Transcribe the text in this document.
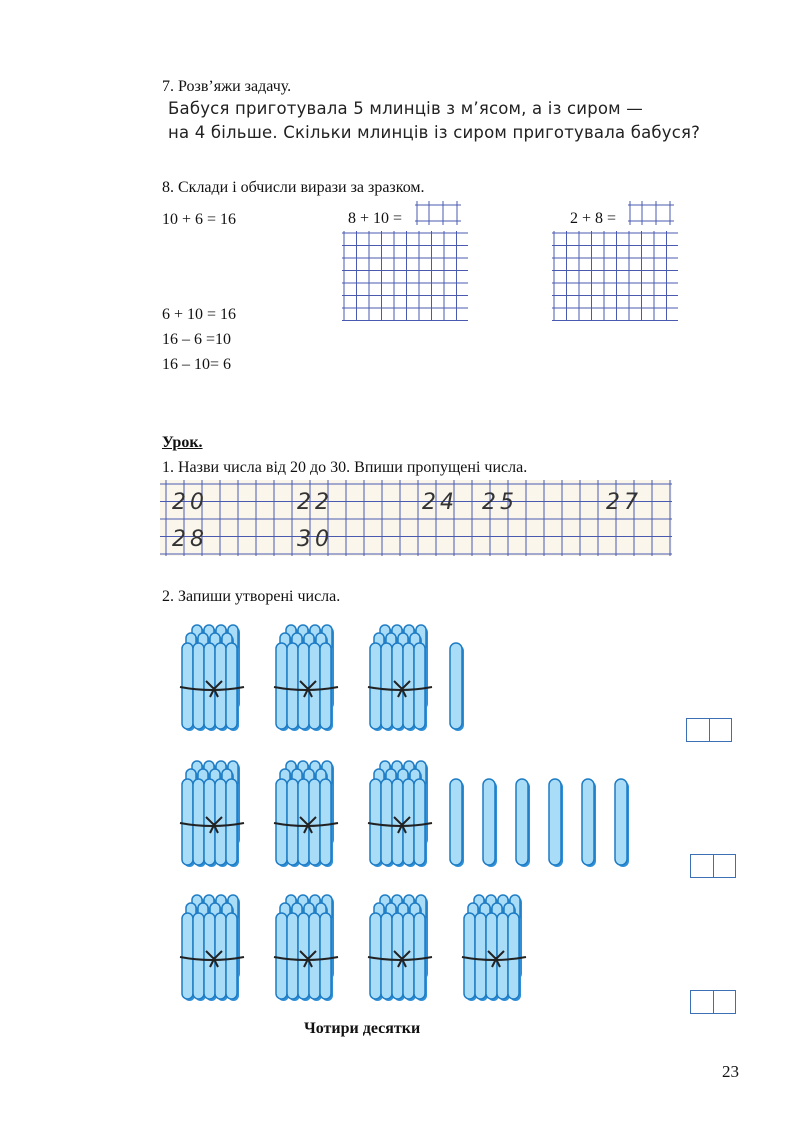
7. Розв’яжи задачу.
Бабуся приготувала 5 млинців з м’ясом, а із сиром —
на 4 більше. Скільки млинців із сиром приготувала бабуся?
8. Склади і обчисли вирази за зразком.
10 + 6 = 16	8 + 10 =	2 + 8 =
6 + 10 = 16
16 – 6 =10
16 – 10= 6
Урок.
1. Назви числа від 20 до 30. Впиши пропущені числа.
20	22	24 25	27
28	30
2. Запиши утворені числа.
Чотири десятки
23
